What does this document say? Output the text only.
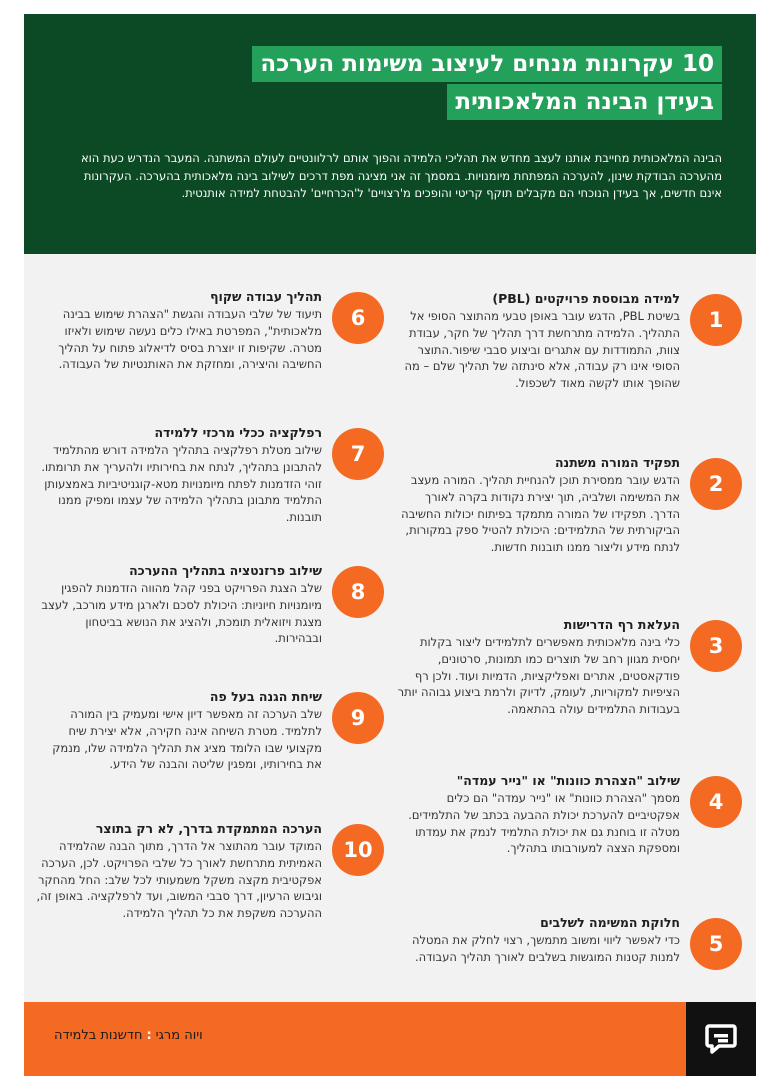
10 עקרונות מנחים לעיצוב משימות הערכה
בעידן הבינה המלאכותית

הבינה המלאכותית מחייבת אותנו לעצב מחדש את תהליכי הלמידה והפוך אותם לרלוונטיים לעולם המשתנה. המעבר הנדרש כעת הוא מהערכה הבודקת שינון, להערכה המפתחת מיומנויות. במסמך זה אני מציגה מפת דרכים לשילוב בינה מלאכותית בהערכה. העקרונות אינם חדשים, אך בעידן הנוכחי הם מקבלים תוקף קריטי והופכים מ'רצויים' ל'הכרחיים' להבטחת למידה אותנטית.

1
למידה מבוססת פרויקטים (PBL)
בשיטת PBL, הדגש עובר באופן טבעי מהתוצר הסופי אל התהליך. הלמידה מתרחשת דרך תהליך של חקר, עבודת צוות, התמודדות עם אתגרים וביצוע סבבי שיפור.התוצר הסופי אינו רק עבודה, אלא סינתזה של תהליך שלם – מה שהופך אותו לקשה מאוד לשכפול.
2
תפקיד המורה משתנה
הדגש עובר ממסירת תוכן להנחיית תהליך. המורה מעצב את המשימה ושלביה, תוך יצירת נקודות בקרה לאורך הדרך. תפקידו של המורה מתמקד בפיתוח יכולות החשיבה הביקורתית של התלמידים: היכולת להטיל ספק במקורות, לנתח מידע וליצור ממנו תובנות חדשות.
3
העלאת רף הדרישות
כלי בינה מלאכותית מאפשרים לתלמידים ליצור בקלות יחסית מגוון רחב של תוצרים כמו תמונות, סרטונים, פודקאסטים, אתרים ואפליקציות, הדמיות ועוד. ולכן רף הציפיות למקוריות, לעומק, לדיוק ולרמת ביצוע גבוהה יותר בעבודות התלמידים עולה בהתאמה.
4
שילוב "הצהרת כוונות" או "נייר עמדה"
מסמך "הצהרת כוונות" או "נייר עמדה" הם כלים אפקטיביים להערכת יכולת ההבעה בכתב של התלמידים. מטלה זו בוחנת גם את יכולת התלמיד לנמק את עמדתו ומספקת הצצה למעורבותו בתהליך.
5
חלוקת המשימה לשלבים
כדי לאפשר ליווי ומשוב מתמשך, רצוי לחלק את המטלה למנות קטנות המוגשות בשלבים לאורך תהליך העבודה.
6
תהליך עבודה שקוף
תיעוד של שלבי העבודה והגשת "הצהרת שימוש בבינה מלאכותית", המפרטת באילו כלים נעשה שימוש ולאיזו מטרה. שקיפות זו יוצרת בסיס לדיאלוג פתוח על תהליך החשיבה והיצירה, ומחזקת את האותנטיות של העבודה.
7
רפלקציה ככלי מרכזי ללמידה
שילוב מטלת רפלקציה בתהליך הלמידה דורש מהתלמיד להתבונן בתהליך, לנתח את בחירותיו ולהעריך את תרומתו. זוהי הזדמנות לפתח מיומנויות מטא-קוגניטיביות באמצעותן התלמיד מתבונן בתהליך הלמידה של עצמו ומפיק ממנו תובנות.
8
שילוב פרזנטציה בתהליך ההערכה
שלב הצגת הפרויקט בפני קהל מהווה הזדמנות להפגין מיומנויות חיוניות: היכולת לסכם ולארגן מידע מורכב, לעצב מצגת ויזואלית תומכת, ולהציג את הנושא בביטחון ובבהירות.
9
שיחת הגנה בעל פה
שלב הערכה זה מאפשר דיון אישי ומעמיק בין המורה לתלמיד. מטרת השיחה אינה חקירה, אלא יצירת שיח מקצועי שבו הלומד מציג את תהליך הלמידה שלו, מנמק את בחירותיו, ומפגין שליטה והבנה של הידע.
10
הערכה המתמקדת בדרך, לא רק בתוצר
המוקד עובר מהתוצר אל הדרך, מתוך הבנה שהלמידה האמיתית מתרחשת לאורך כל שלבי הפרויקט. לכן, הערכה אפקטיבית מקצה משקל משמעותי לכל שלב: החל מהחקר וגיבוש הרעיון, דרך סבבי המשוב, ועד לרפלקציה. באופן זה, ההערכה משקפת את כל תהליך הלמידה.
ויוה מרגי:חדשנות בלמידה
